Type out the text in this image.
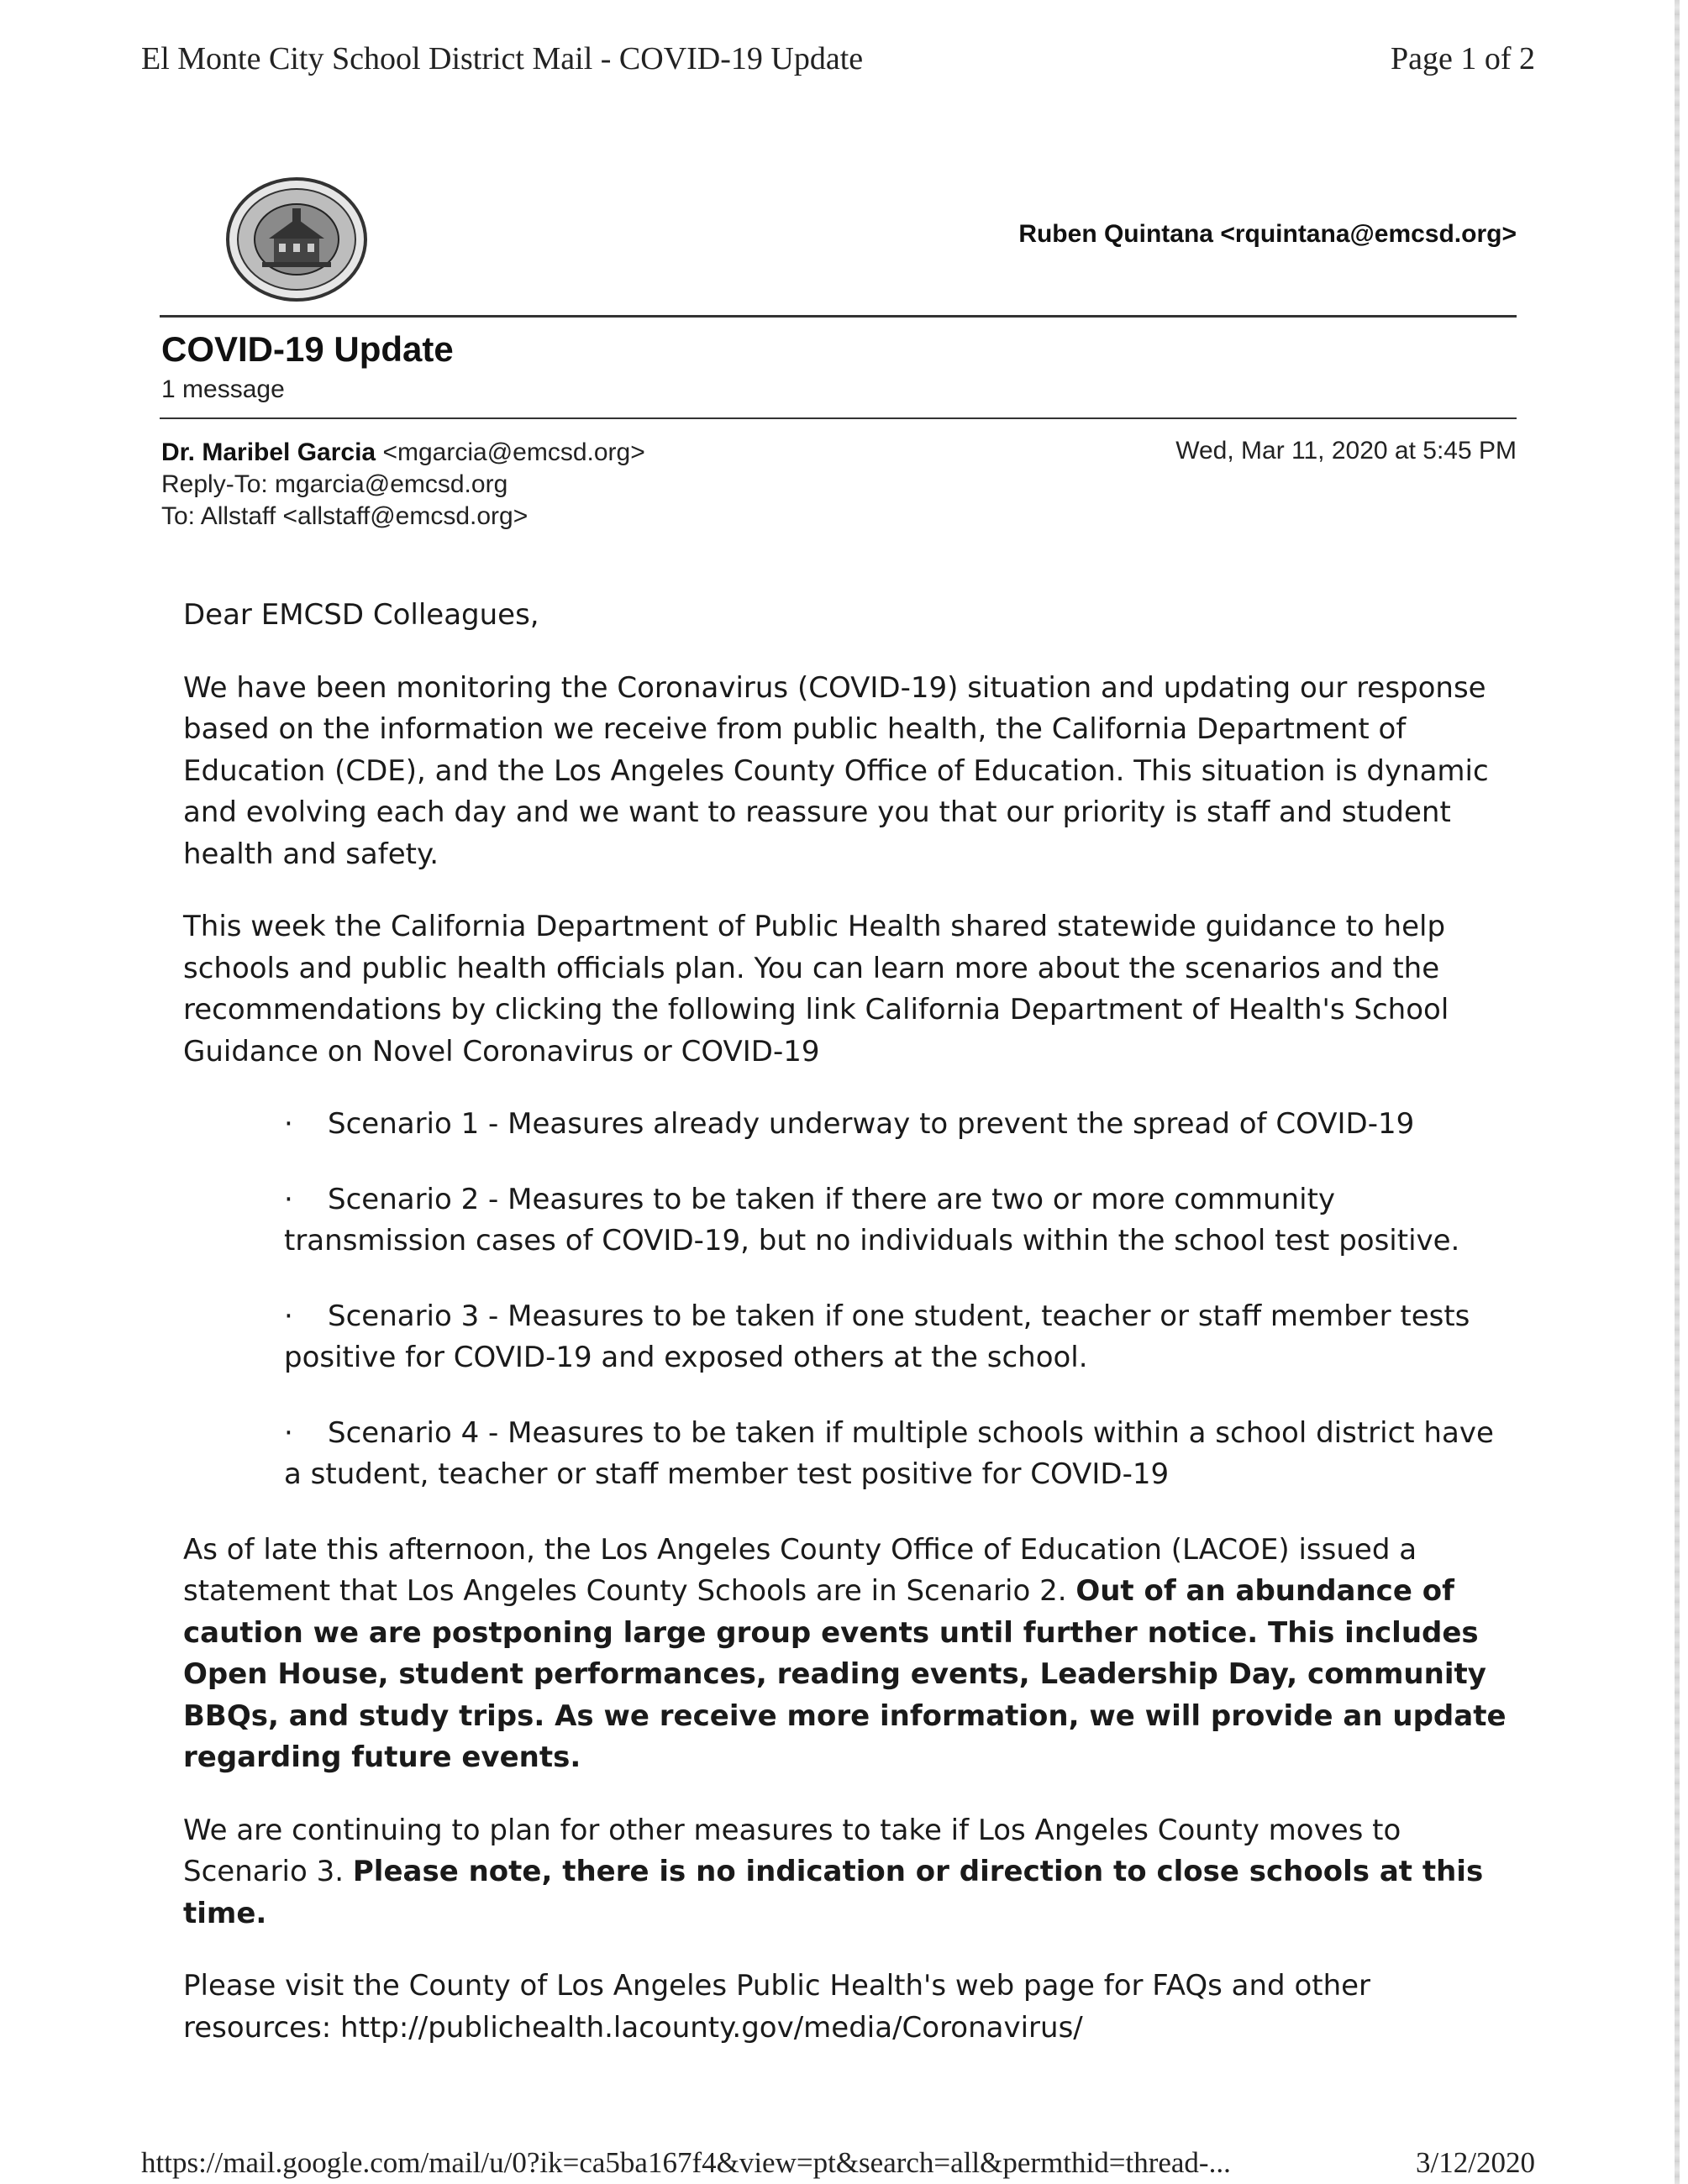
El Monte City School District Mail - COVID-19 Update	Page 1 of 2
Ruben Quintana <rquintana@emcsd.org>
COVID-19 Update
1 message
Dr. Maribel Garcia <mgarcia@emcsd.org>
Reply-To: mgarcia@emcsd.org
To: Allstaff <allstaff@emcsd.org>
Wed, Mar 11, 2020 at 5:45 PM

Dear EMCSD Colleagues,

We have been monitoring the Coronavirus (COVID-19) situation and updating our response based on the information we receive from public health, the California Department of Education (CDE), and the Los Angeles County Office of Education. This situation is dynamic and evolving each day and we want to reassure you that our priority is staff and student health and safety.

This week the California Department of Public Health shared statewide guidance to help schools and public health officials plan. You can learn more about the scenarios and the recommendations by clicking the following link California Department of Health's School Guidance on Novel Coronavirus or COVID-19

· Scenario 1 - Measures already underway to prevent the spread of COVID-19

· Scenario 2 - Measures to be taken if there are two or more community transmission cases of COVID-19, but no individuals within the school test positive.

· Scenario 3 - Measures to be taken if one student, teacher or staff member tests positive for COVID-19 and exposed others at the school.

· Scenario 4 - Measures to be taken if multiple schools within a school district have a student, teacher or staff member test positive for COVID-19

As of late this afternoon, the Los Angeles County Office of Education (LACOE) issued a statement that Los Angeles County Schools are in Scenario 2. Out of an abundance of caution we are postponing large group events until further notice. This includes Open House, student performances, reading events, Leadership Day, community BBQs, and study trips. As we receive more information, we will provide an update regarding future events.

We are continuing to plan for other measures to take if Los Angeles County moves to Scenario 3. Please note, there is no indication or direction to close schools at this time.

Please visit the County of Los Angeles Public Health's web page for FAQs and other resources: http://publichealth.lacounty.gov/media/Coronavirus/

https://mail.google.com/mail/u/0?ik=ca5ba167f4&view=pt&search=all&permthid=thread-...	3/12/2020
